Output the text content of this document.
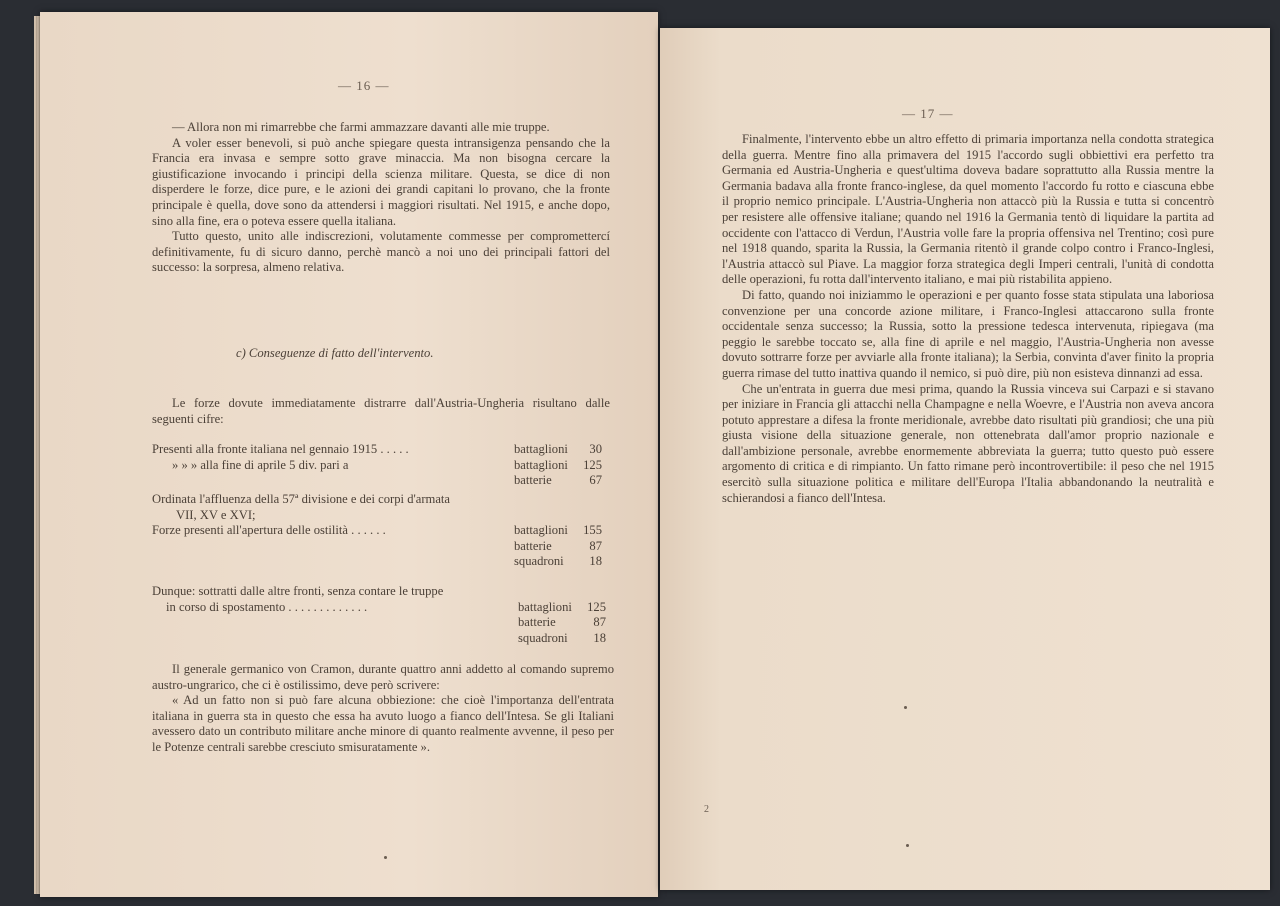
— 16 —

— Allora non mi rimarrebbe che farmi ammazzare davanti alle mie truppe.

A voler esser benevoli, si può anche spiegare questa intransigenza pensando che la Francia era invasa e sempre sotto grave minaccia. Ma non bisogna cercare la giustificazione invocando i principi della scienza militare. Questa, se dice di non disperdere le forze, dice pure, e le azioni dei grandi capitani lo provano, che la fronte principale è quella, dove sono da attendersi i maggiori risultati. Nel 1915, e anche dopo, sino alla fine, era o poteva essere quella italiana.

Tutto questo, unito alle indiscrezioni, volutamente commesse per compromettercí definitivamente, fu di sicuro danno, perchè mancò a noi uno dei principali fattori del successo: la sorpresa, almeno relativa.

c) Conseguenze di fatto dell'intervento.

Le forze dovute immediatamente distrarre dall'Austria-Ungheria risultano dalle seguenti cifre:

Presenti alla fronte italiana nel gennaio 1915 . . . . .	battaglioni	30
» » » alla fine di aprile 5 div. pari a	battaglioni	125
batterie	67
Ordinata l'affluenza della 57ª divisione e dei corpi d'armata
VII, XV e XVI;
Forze presenti all'apertura delle ostilità . . . . . .	battaglioni	155
batterie	87
squadroni	18
Dunque: sottratti dalle altre fronti, senza contare le truppe
in corso di spostamento . . . . . . . . . . . . .	battaglioni	125
batterie	87
squadroni	18

Il generale germanico von Cramon, durante quattro anni addetto al comando supremo austro-ungrarico, che ci è ostilissimo, deve però scrivere:

« Ad un fatto non si può fare alcuna obbiezione: che cioè l'importanza dell'entrata italiana in guerra sta in questo che essa ha avuto luogo a fianco dell'Intesa. Se gli Italiani avessero dato un contributo militare anche minore di quanto realmente avvenne, il peso per le Potenze centrali sarebbe cresciuto smisuratamente ».

— 17 —

Finalmente, l'intervento ebbe un altro effetto di primaria importanza nella condotta strategica della guerra. Mentre fino alla primavera del 1915 l'accordo sugli obbiettivi era perfetto tra Germania ed Austria-Ungheria e quest'ultima doveva badare soprattutto alla Russia mentre la Germania badava alla fronte franco-inglese, da quel momento l'accordo fu rotto e ciascuna ebbe il proprio nemico principale. L'Austria-Ungheria non attaccò più la Russia e tutta si concentrò per resistere alle offensive italiane; quando nel 1916 la Germania tentò di liquidare la partita ad occidente con l'attacco di Verdun, l'Austria volle fare la propria offensiva nel Trentino; così pure nel 1918 quando, sparita la Russia, la Germania ritentò il grande colpo contro i Franco-Inglesi, l'Austria attaccò sul Piave. La maggior forza strategica degli Imperi centrali, l'unità di condotta delle operazioni, fu rotta dall'intervento italiano, e mai più ristabilita appieno.

Di fatto, quando noi iniziammo le operazioni e per quanto fosse stata stipulata una laboriosa convenzione per una concorde azione militare, i Franco-Inglesi attaccarono sulla fronte occidentale senza successo; la Russia, sotto la pressione tedesca intervenuta, ripiegava (ma peggio le sarebbe toccato se, alla fine di aprile e nel maggio, l'Austria-Ungheria non avesse dovuto sottrarre forze per avviarle alla fronte italiana); la Serbia, convinta d'aver finito la propria guerra rimase del tutto inattiva quando il nemico, si può dire, più non esisteva dinnanzi ad essa.

Che un'entrata in guerra due mesi prima, quando la Russia vinceva sui Carpazi e si stavano per iniziare in Francia gli attacchi nella Champagne e nella Woevre, e l'Austria non aveva ancora potuto apprestare a difesa la fronte meridionale, avrebbe dato risultati più grandiosi; che una più giusta visione della situazione generale, non ottenebrata dall'amor proprio nazionale e dall'ambizione personale, avrebbe enormemente abbreviata la guerra; tutto questo può essere argomento di critica e di rimpianto. Un fatto rimane però incontrovertibile: il peso che nel 1915 esercitò sulla situazione politica e militare dell'Europa l'Italia abbandonando la neutralità e schierandosi a fianco dell'Intesa.

2
